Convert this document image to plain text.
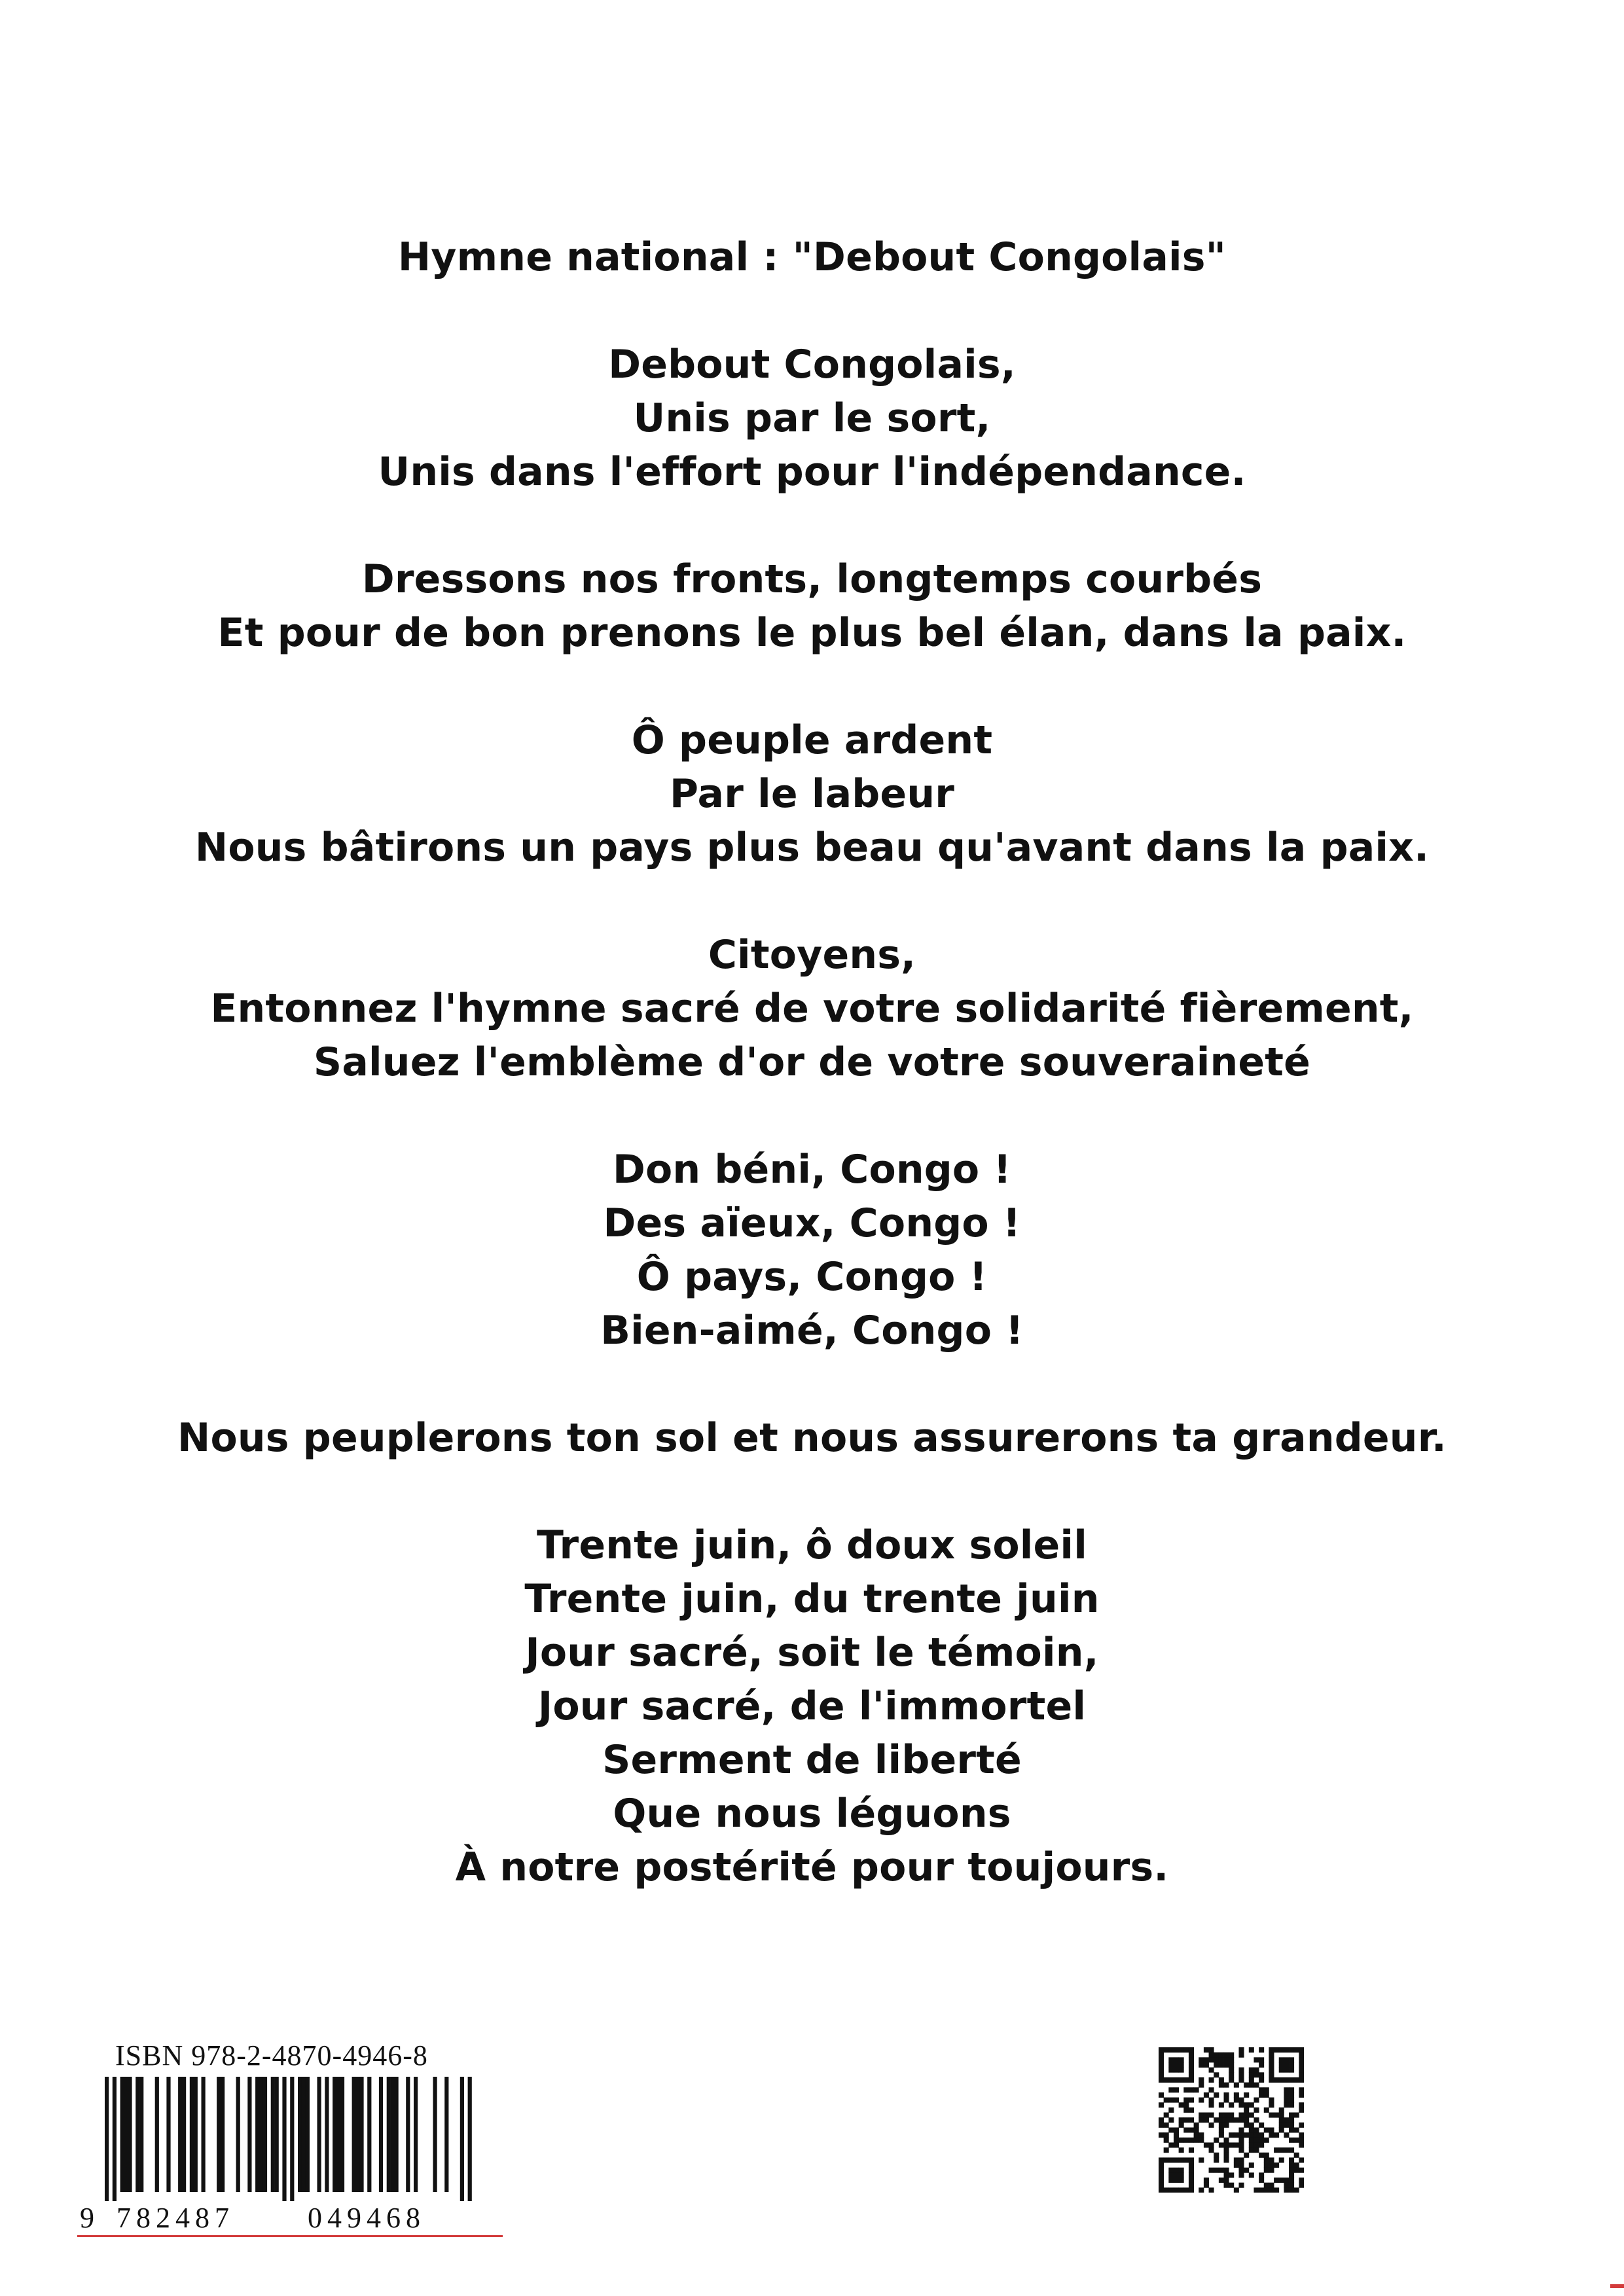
Hymne national : "Debout Congolais"
Debout Congolais,
Unis par le sort,
Unis dans l'effort pour l'indépendance.
Dressons nos fronts, longtemps courbés
Et pour de bon prenons le plus bel élan, dans la paix.
Ô peuple ardent
Par le labeur
Nous bâtirons un pays plus beau qu'avant dans la paix.
Citoyens,
Entonnez l'hymne sacré de votre solidarité fièrement,
Saluez l'emblème d'or de votre souveraineté
Don béni, Congo !
Des aïeux, Congo !
Ô pays, Congo !
Bien-aimé, Congo !
Nous peuplerons ton sol et nous assurerons ta grandeur.
Trente juin, ô doux soleil
Trente juin, du trente juin
Jour sacré, soit le témoin,
Jour sacré, de l'immortel
Serment de liberté
Que nous léguons
À notre postérité pour toujours.
ISBN 978-2-4870-4946-8
9 782487	049468
